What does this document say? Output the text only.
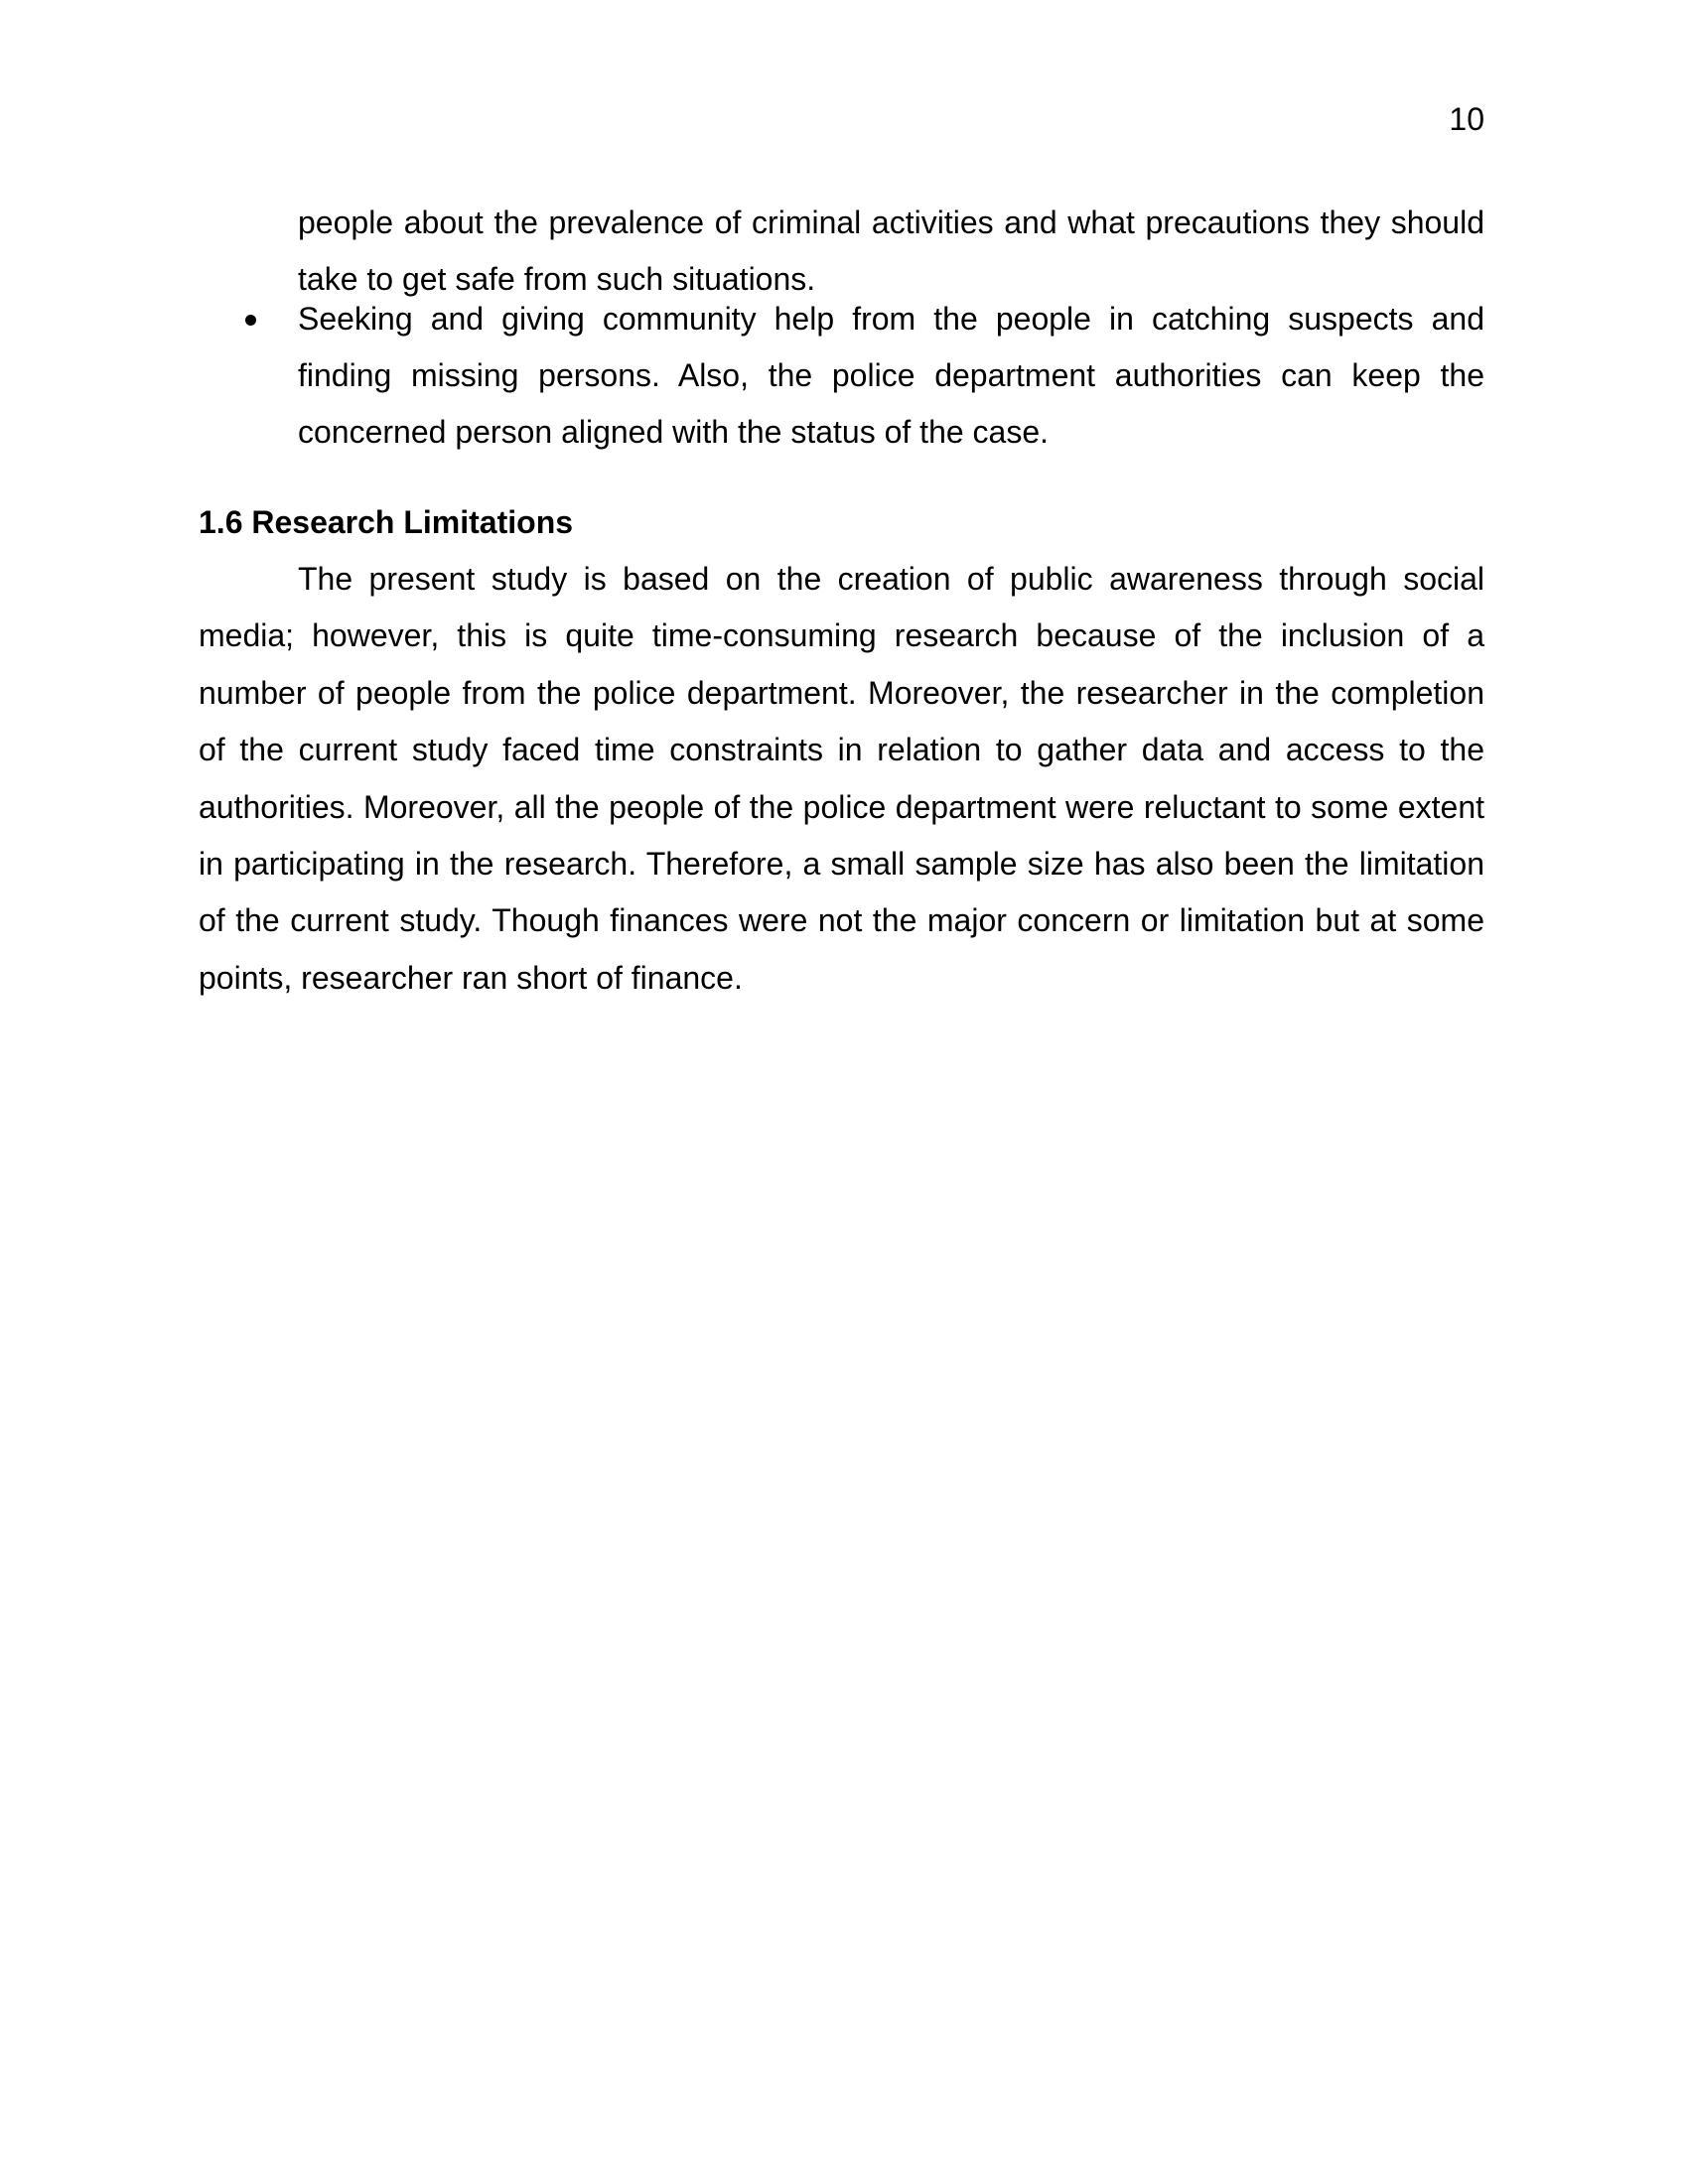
10

people about the prevalence of criminal activities and what precautions they should take to get safe from such situations.

Seeking and giving community help from the people in catching suspects and finding missing persons. Also, the police department authorities can keep the concerned person aligned with the status of the case.
1.6 Research Limitations

The present study is based on the creation of public awareness through social media; however, this is quite time-consuming research because of the inclusion of a number of people from the police department. Moreover, the researcher in the completion of the current study faced time constraints in relation to gather data and access to the authorities. Moreover, all the people of the police department were reluctant to some extent in participating in the research. Therefore, a small sample size has also been the limitation of the current study. Though finances were not the major concern or limitation but at some points, researcher ran short of finance.
